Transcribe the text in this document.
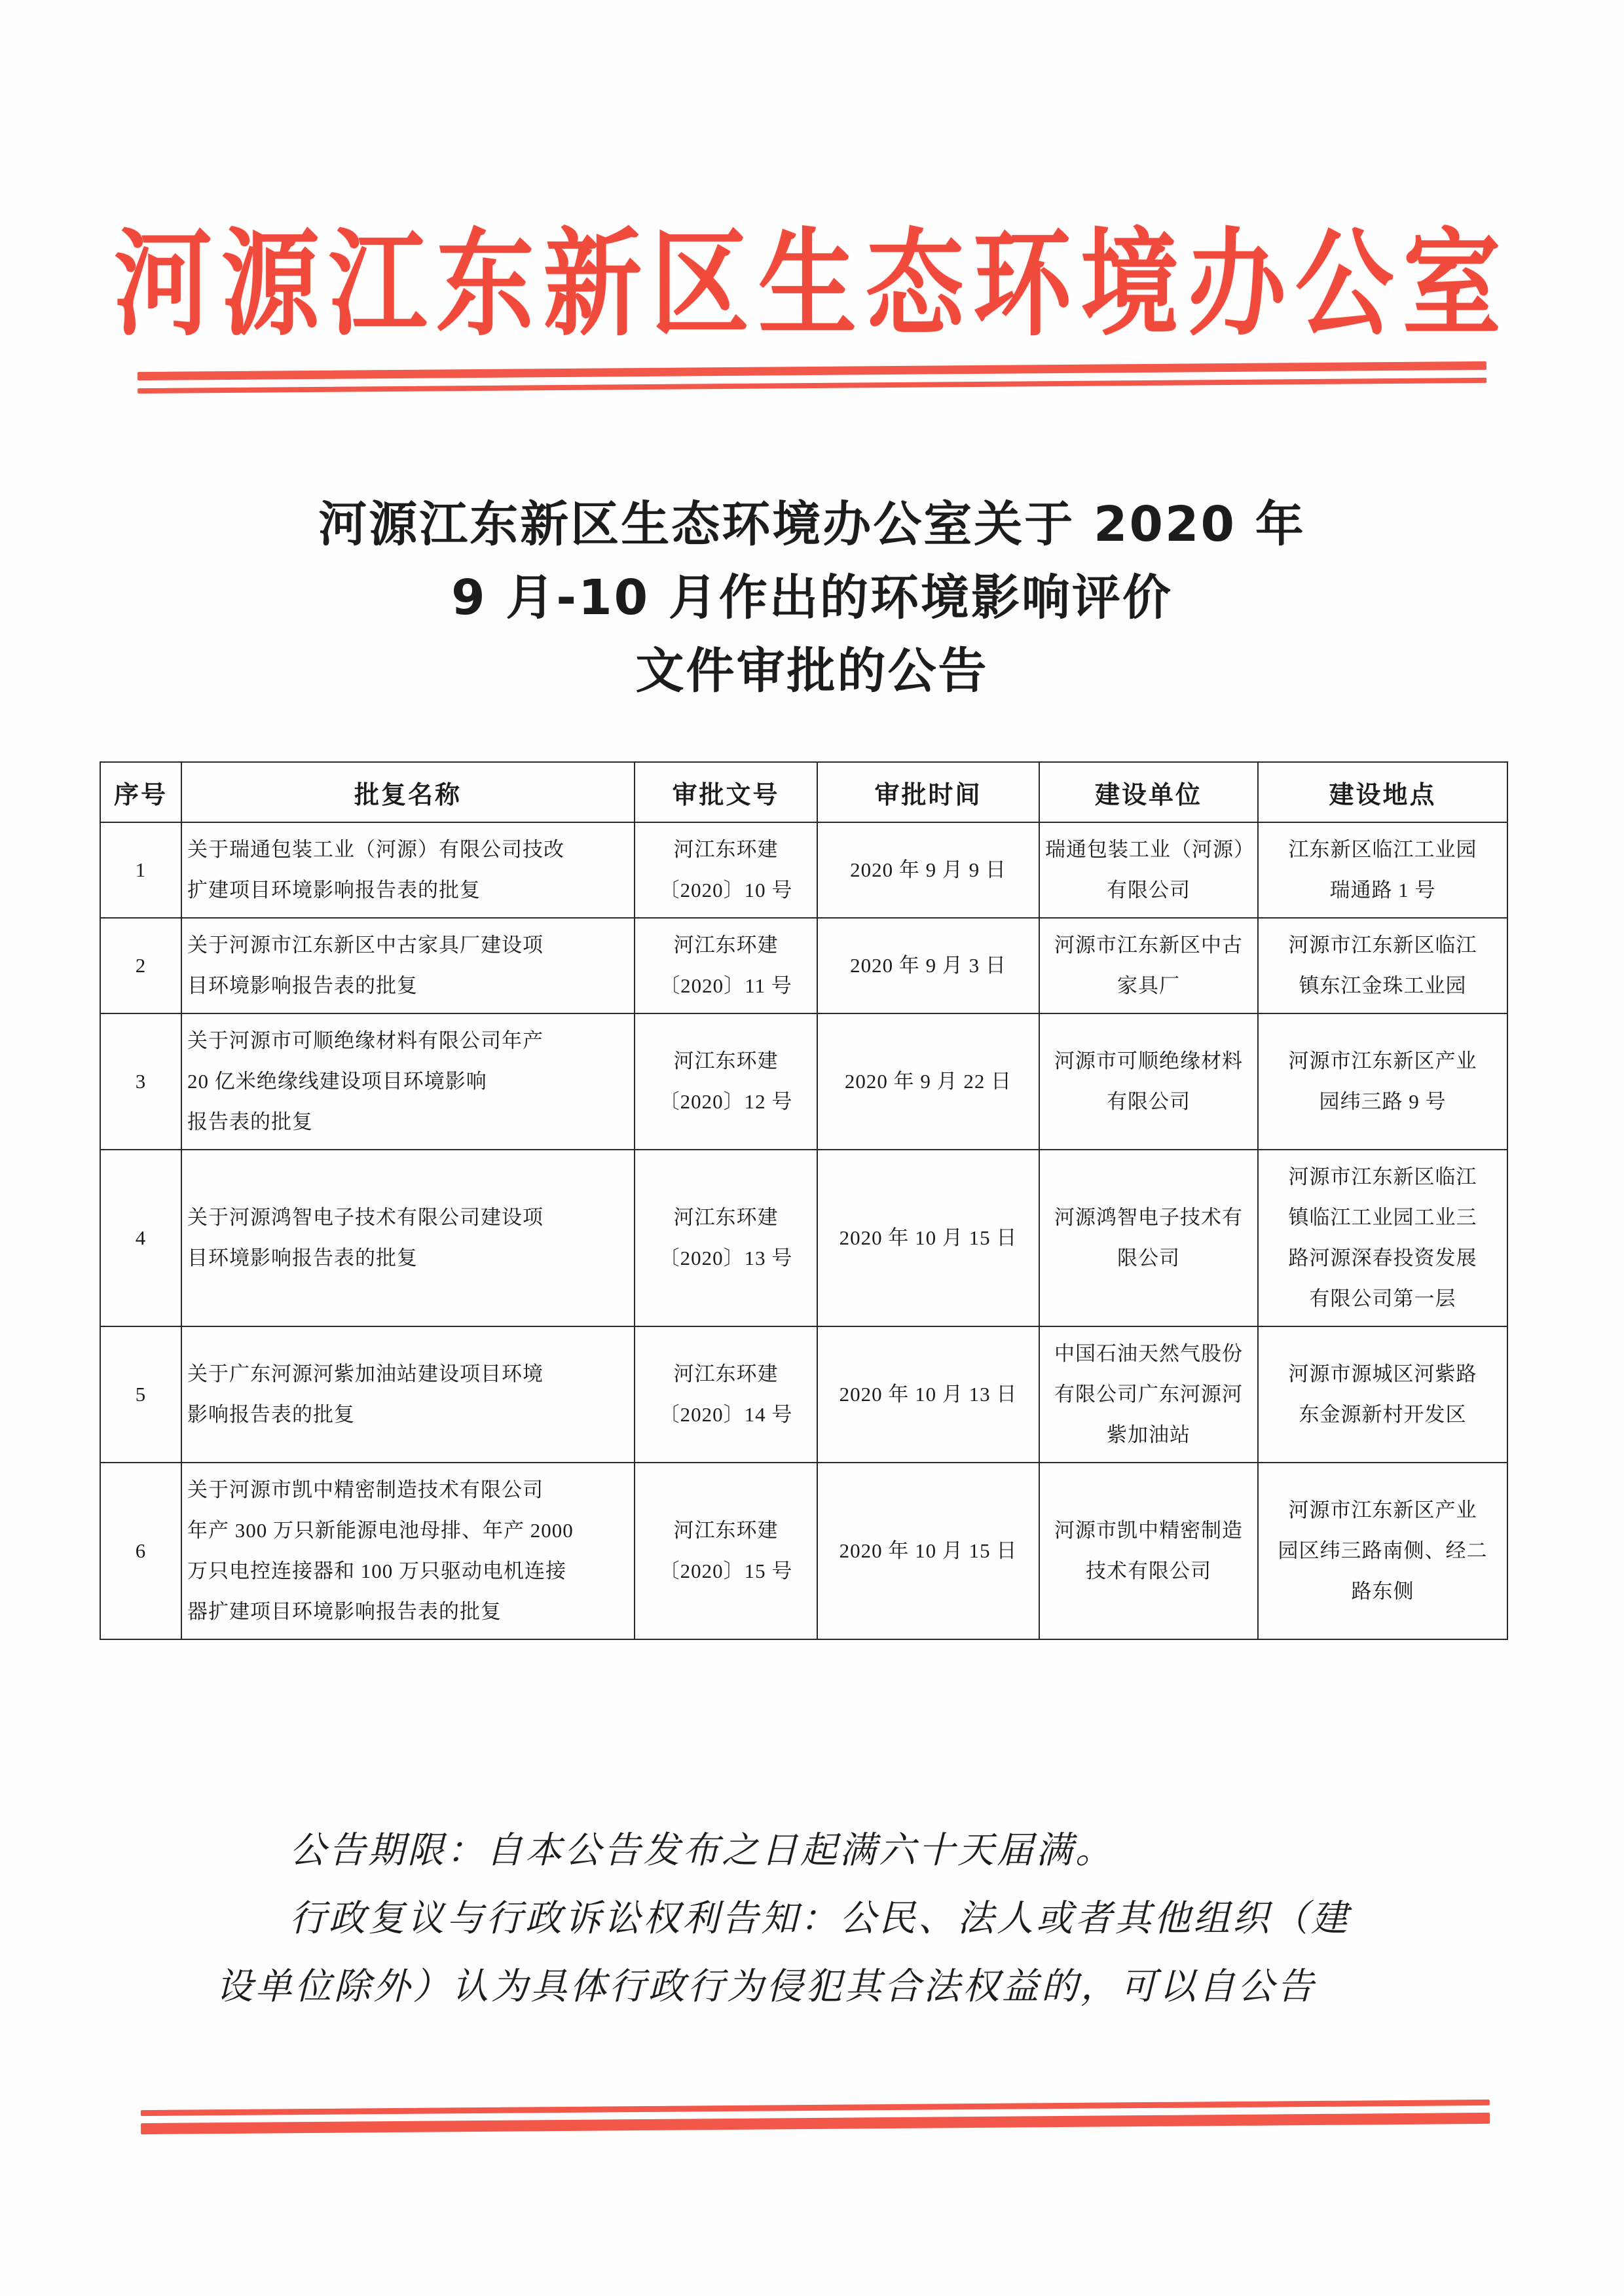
河源江东新区生态环境办公室
河源江东新区生态环境办公室关于 2020 年
9 月-10 月作出的环境影响评价
文件审批的公告
序号	批复名称	审批文号	审批时间	建设单位	建设地点
1	关于瑞通包装工业（河源）有限公司技改
扩建项目环境影响报告表的批复	河江东环建
〔2020〕10 号	2020 年 9 月 9 日	瑞通包装工业（河源）
有限公司	江东新区临江工业园
瑞通路 1 号

2	关于河源市江东新区中古家具厂建设项
目环境影响报告表的批复	河江东环建
〔2020〕11 号	2020 年 9 月 3 日	河源市江东新区中古
家具厂	河源市江东新区临江
镇东江金珠工业园

3	关于河源市可顺绝缘材料有限公司年产
20 亿米绝缘线建设项目环境影响
报告表的批复	河江东环建
〔2020〕12 号	2020 年 9 月 22 日	河源市可顺绝缘材料
有限公司	河源市江东新区产业
园纬三路 9 号

4	关于河源鸿智电子技术有限公司建设项
目环境影响报告表的批复	河江东环建
〔2020〕13 号	2020 年 10 月 15 日	河源鸿智电子技术有
限公司	河源市江东新区临江
镇临江工业园工业三
路河源深春投资发展
有限公司第一层

5	关于广东河源河紫加油站建设项目环境
影响报告表的批复	河江东环建
〔2020〕14 号	2020 年 10 月 13 日	中国石油天然气股份
有限公司广东河源河
紫加油站	河源市源城区河紫路
东金源新村开发区

6	关于河源市凯中精密制造技术有限公司
年产 300 万只新能源电池母排、年产 2000
万只电控连接器和 100 万只驱动电机连接
器扩建项目环境影响报告表的批复	河江东环建
〔2020〕15 号	2020 年 10 月 15 日	河源市凯中精密制造
技术有限公司	河源市江东新区产业
园区纬三路南侧、经二
路东侧

公告期限：自本公告发布之日起满六十天届满。

行政复议与行政诉讼权利告知：公民、法人或者其他组织（建

设单位除外）认为具体行政行为侵犯其合法权益的，可以自公告
